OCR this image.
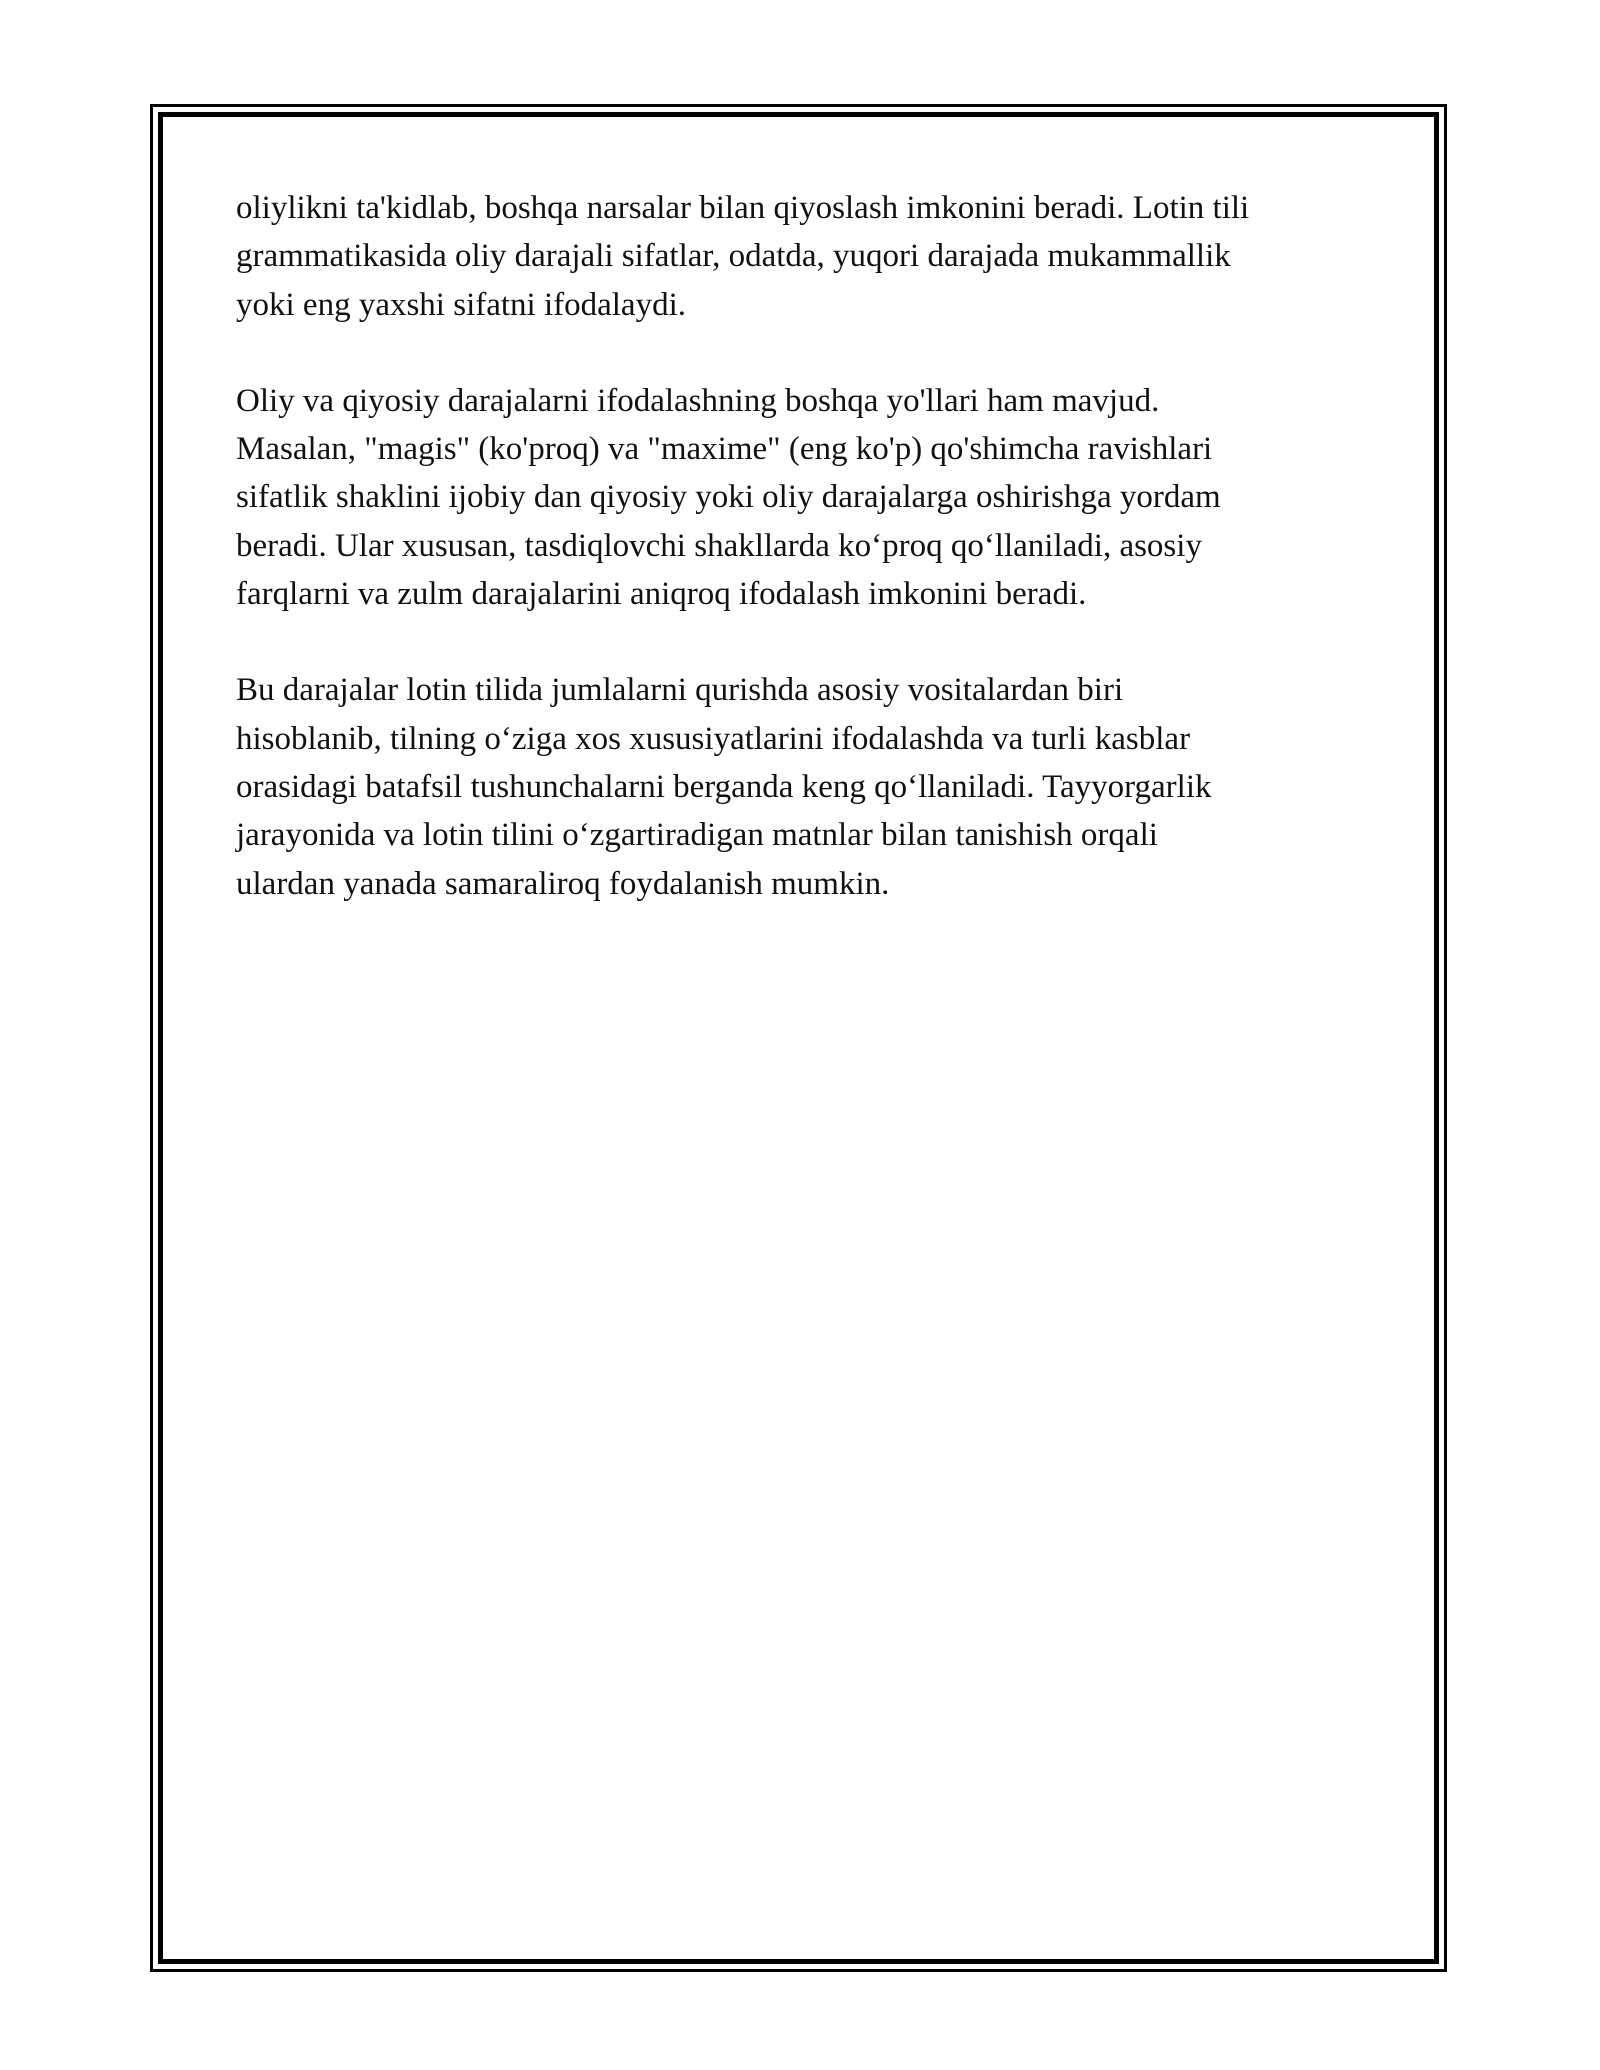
oliylikni ta'kidlab, boshqa narsalar bilan qiyoslash imkonini beradi. Lotin tili
grammatikasida oliy darajali sifatlar, odatda, yuqori darajada mukammallik
yoki eng yaxshi sifatni ifodalaydi.

Oliy va qiyosiy darajalarni ifodalashning boshqa yo'llari ham mavjud.
Masalan, "magis" (ko'proq) va "maxime" (eng ko'p) qo'shimcha ravishlari
sifatlik shaklini ijobiy dan qiyosiy yoki oliy darajalarga oshirishga yordam
beradi. Ular xususan, tasdiqlovchi shakllarda ko‘proq qo‘llaniladi, asosiy
farqlarni va zulm darajalarini aniqroq ifodalash imkonini beradi.

Bu darajalar lotin tilida jumlalarni qurishda asosiy vositalardan biri
hisoblanib, tilning o‘ziga xos xususiyatlarini ifodalashda va turli kasblar
orasidagi batafsil tushunchalarni berganda keng qo‘llaniladi. Tayyorgarlik
jarayonida va lotin tilini o‘zgartiradigan matnlar bilan tanishish orqali
ulardan yanada samaraliroq foydalanish mumkin.
